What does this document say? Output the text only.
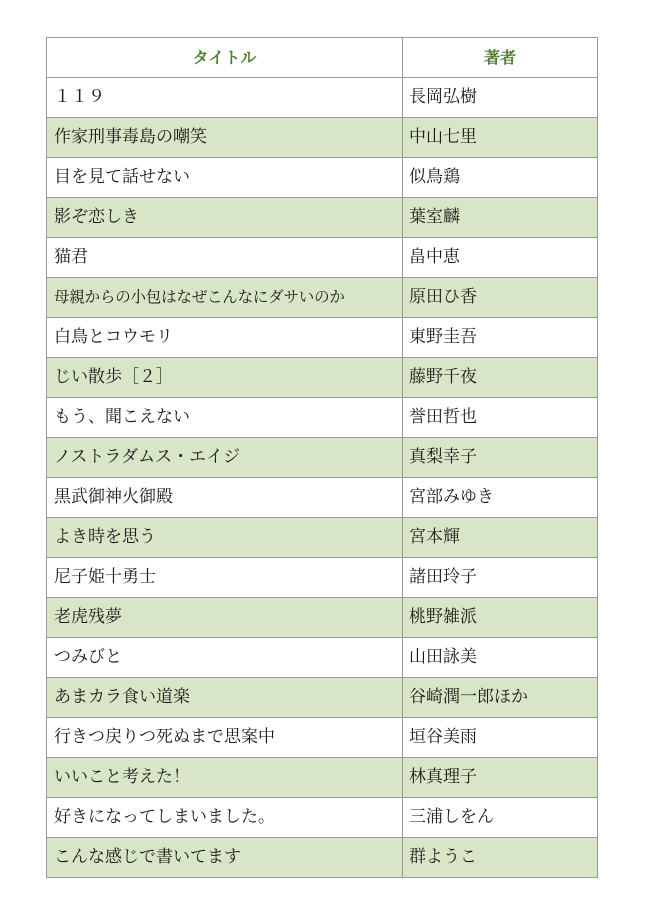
タイトル	著者
１１９	長岡弘樹
作家刑事毒島の嘲笑	中山七里
目を見て話せない	似鳥鶏
影ぞ恋しき	葉室麟
猫君	畠中恵
母親からの小包はなぜこんなにダサいのか	原田ひ香
白鳥とコウモリ	東野圭吾
じい散歩［２］	藤野千夜
もう、聞こえない	誉田哲也
ノストラダムス・エイジ	真梨幸子
黒武御神火御殿	宮部みゆき
よき時を思う	宮本輝
尼子姫十勇士	諸田玲子
老虎残夢	桃野雑派
つみびと	山田詠美
あまカラ食い道楽	谷崎潤一郎ほか
行きつ戻りつ死ぬまで思案中	垣谷美雨
いいこと考えた！	林真理子
好きになってしまいました。	三浦しをん
こんな感じで書いてます	群ようこ
